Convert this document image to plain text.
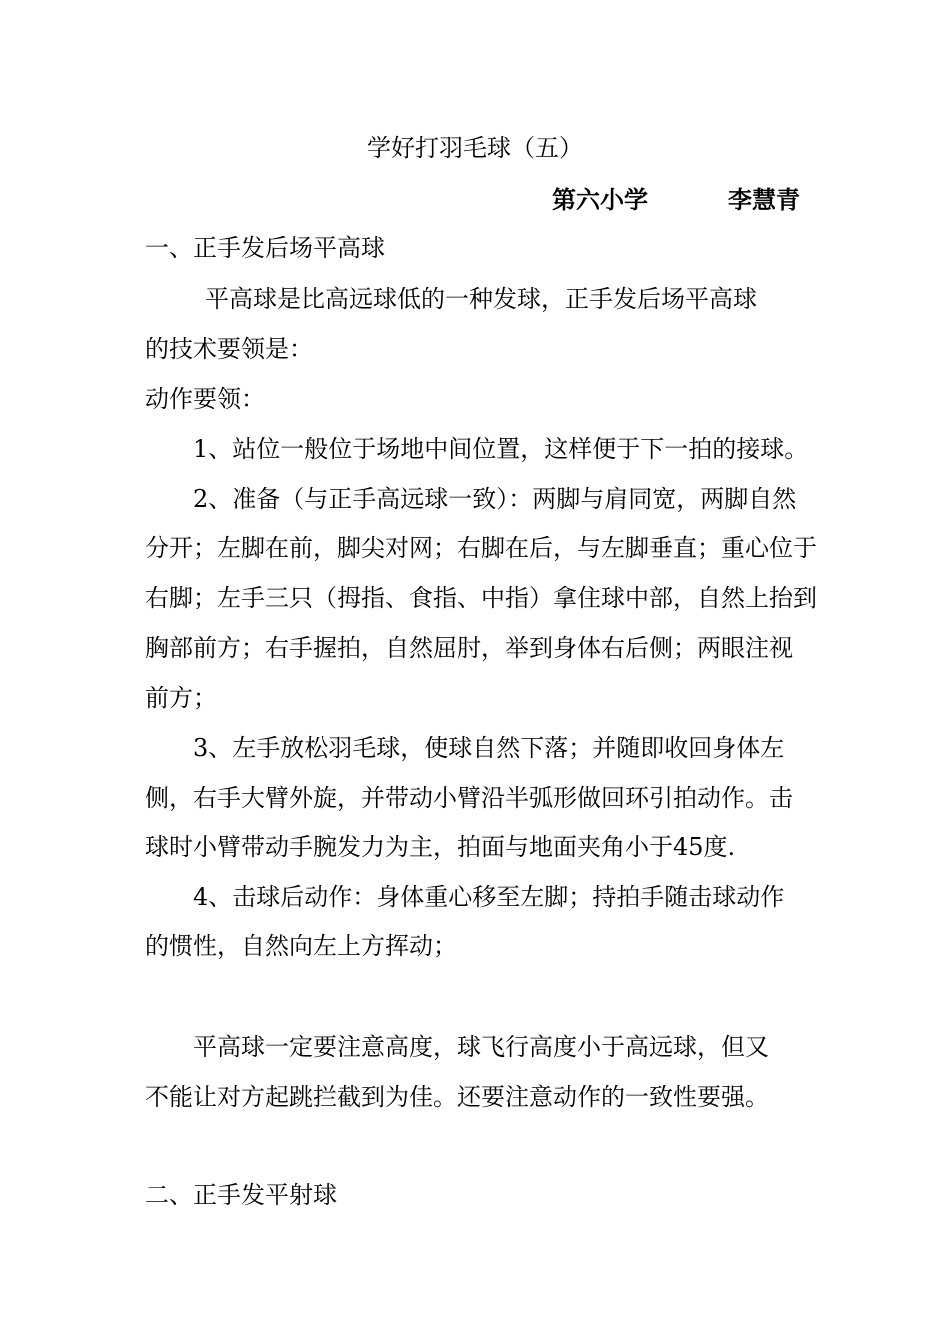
学好打羽毛球（五）
第六小学	李慧青
一、正手发后场平高球
平高球是比高远球低的一种发球，正手发后场平高球
的技术要领是：
动作要领：
1、站位一般位于场地中间位置，这样便于下一拍的接球。
2、准备（与正手高远球一致）：两脚与肩同宽，两脚自然
分开；左脚在前，脚尖对网；右脚在后，与左脚垂直；重心位于
右脚；左手三只（拇指、食指、中指）拿住球中部，自然上抬到
胸部前方；右手握拍，自然屈肘，举到身体右后侧；两眼注视
前方；
3、左手放松羽毛球，使球自然下落；并随即收回身体左
侧，右手大臂外旋，并带动小臂沿半弧形做回环引拍动作。击
球时小臂带动手腕发力为主，拍面与地面夹角小于45度.
4、击球后动作：身体重心移至左脚；持拍手随击球动作
的惯性，自然向左上方挥动；
平高球一定要注意高度，球飞行高度小于高远球，但又
不能让对方起跳拦截到为佳。还要注意动作的一致性要强。
二、正手发平射球
